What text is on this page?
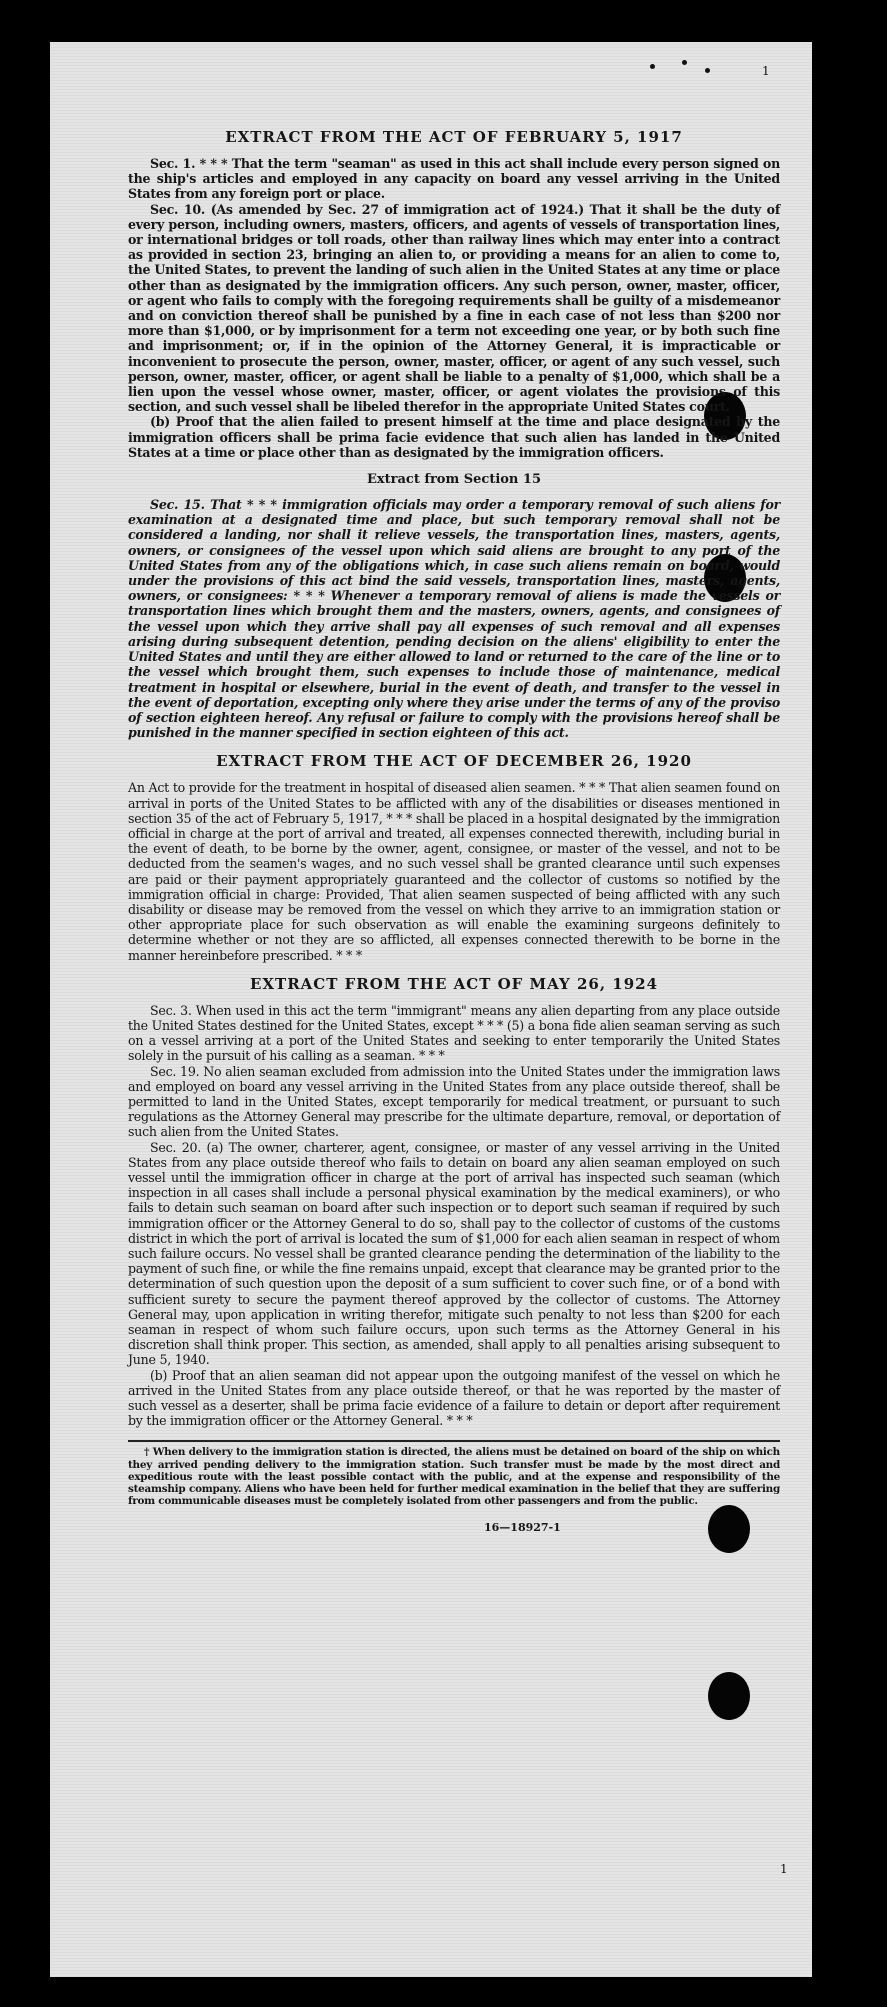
1
1
EXTRACT FROM THE ACT OF FEBRUARY 5, 1917

Sec. 1. * * * That the term "seaman" as used in this act shall include every person signed on the ship's articles and employed in any capacity on board any vessel arriving in the United States from any foreign port or place.

Sec. 10. (As amended by Sec. 27 of immigration act of 1924.) That it shall be the duty of every person, including owners, masters, officers, and agents of vessels of transportation lines, or international bridges or toll roads, other than railway lines which may enter into a contract as provided in section 23, bringing an alien to, or providing a means for an alien to come to, the United States, to prevent the landing of such alien in the United States at any time or place other than as designated by the immigration officers. Any such person, owner, master, officer, or agent who fails to comply with the foregoing requirements shall be guilty of a misdemeanor and on conviction thereof shall be punished by a fine in each case of not less than $200 nor more than $1,000, or by imprisonment for a term not exceeding one year, or by both such fine and imprisonment; or, if in the opinion of the Attorney General, it is impracticable or inconvenient to prosecute the person, owner, master, officer, or agent of any such vessel, such person, owner, master, officer, or agent shall be liable to a penalty of $1,000, which shall be a lien upon the vessel whose owner, master, officer, or agent violates the provisions of this section, and such vessel shall be libeled therefor in the appropriate United States court.

(b) Proof that the alien failed to present himself at the time and place designated by the immigration officers shall be prima facie evidence that such alien has landed in the United States at a time or place other than as designated by the immigration officers.

Extract from Section 15

Sec. 15. That * * * immigration officials may order a temporary removal of such aliens for examination at a designated time and place, but such temporary removal shall not be considered a landing, nor shall it relieve vessels, the transportation lines, masters, agents, owners, or consignees of the vessel upon which said aliens are brought to any port of the United States from any of the obligations which, in case such aliens remain on board, would under the provisions of this act bind the said vessels, transportation lines, masters, agents, owners, or consignees: * * * Whenever a temporary removal of aliens is made the vessels or transportation lines which brought them and the masters, owners, agents, and consignees of the vessel upon which they arrive shall pay all expenses of such removal and all expenses arising during subsequent detention, pending decision on the aliens' eligibility to enter the United States and until they are either allowed to land or returned to the care of the line or to the vessel which brought them, such expenses to include those of maintenance, medical treatment in hospital or elsewhere, burial in the event of death, and transfer to the vessel in the event of deportation, excepting only where they arise under the terms of any of the proviso of section eighteen hereof. Any refusal or failure to comply with the provisions hereof shall be punished in the manner specified in section eighteen of this act.

EXTRACT FROM THE ACT OF DECEMBER 26, 1920

An Act to provide for the treatment in hospital of diseased alien seamen. * * * That alien seamen found on arrival in ports of the United States to be afflicted with any of the disabilities or diseases mentioned in section 35 of the act of February 5, 1917, * * * shall be placed in a hospital designated by the immigration official in charge at the port of arrival and treated, all expenses connected therewith, including burial in the event of death, to be borne by the owner, agent, consignee, or master of the vessel, and not to be deducted from the seamen's wages, and no such vessel shall be granted clearance until such expenses are paid or their payment appropriately guaranteed and the collector of customs so notified by the immigration official in charge: Provided, That alien seamen suspected of being afflicted with any such disability or disease may be removed from the vessel on which they arrive to an immigration station or other appropriate place for such observation as will enable the examining surgeons definitely to determine whether or not they are so afflicted, all expenses connected therewith to be borne in the manner hereinbefore prescribed. * * *

EXTRACT FROM THE ACT OF MAY 26, 1924

Sec. 3. When used in this act the term "immigrant" means any alien departing from any place outside the United States destined for the United States, except * * * (5) a bona fide alien seaman serving as such on a vessel arriving at a port of the United States and seeking to enter temporarily the United States solely in the pursuit of his calling as a seaman. * * *

Sec. 19. No alien seaman excluded from admission into the United States under the immigration laws and employed on board any vessel arriving in the United States from any place outside thereof, shall be permitted to land in the United States, except temporarily for medical treatment, or pursuant to such regulations as the Attorney General may prescribe for the ultimate departure, removal, or deportation of such alien from the United States.

Sec. 20. (a) The owner, charterer, agent, consignee, or master of any vessel arriving in the United States from any place outside thereof who fails to detain on board any alien seaman employed on such vessel until the immigration officer in charge at the port of arrival has inspected such seaman (which inspection in all cases shall include a personal physical examination by the medical examiners), or who fails to detain such seaman on board after such inspection or to deport such seaman if required by such immigration officer or the Attorney General to do so, shall pay to the collector of customs of the customs district in which the port of arrival is located the sum of $1,000 for each alien seaman in respect of whom such failure occurs. No vessel shall be granted clearance pending the determination of the liability to the payment of such fine, or while the fine remains unpaid, except that clearance may be granted prior to the determination of such question upon the deposit of a sum sufficient to cover such fine, or of a bond with sufficient surety to secure the payment thereof approved by the collector of customs. The Attorney General may, upon application in writing therefor, mitigate such penalty to not less than $200 for each seaman in respect of whom such failure occurs, upon such terms as the Attorney General in his discretion shall think proper. This section, as amended, shall apply to all penalties arising subsequent to June 5, 1940.

(b) Proof that an alien seaman did not appear upon the outgoing manifest of the vessel on which he arrived in the United States from any place outside thereof, or that he was reported by the master of such vessel as a deserter, shall be prima facie evidence of a failure to detain or deport after requirement by the immigration officer or the Attorney General. * * *

† When delivery to the immigration station is directed, the aliens must be detained on board of the ship on which they arrived pending delivery to the immigration station. Such transfer must be made by the most direct and expeditious route with the least possible contact with the public, and at the expense and responsibility of the steamship company. Aliens who have been held for further medical examination in the belief that they are suffering from communicable diseases must be completely isolated from other passengers and from the public.

16—18927-1
